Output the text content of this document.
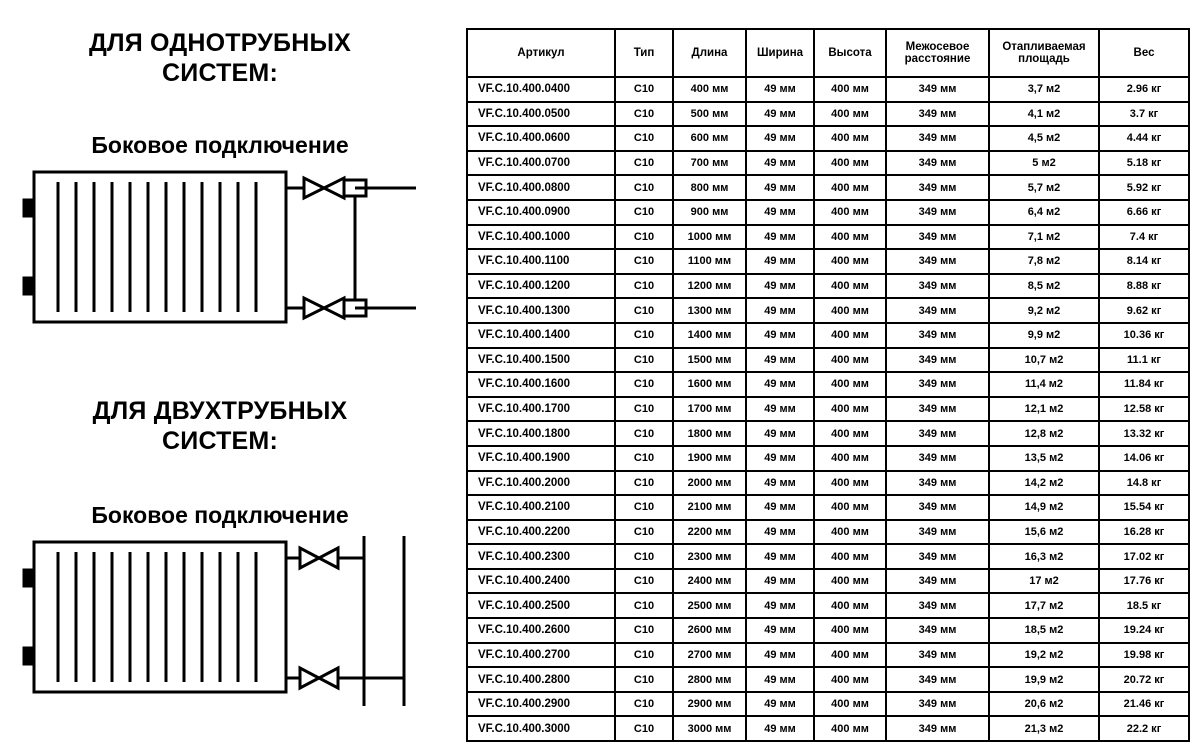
ДЛЯ ОДНОТРУБНЫХ
СИСТЕМ:
Боковое подключение
ДЛЯ ДВУХТРУБНЫХ
СИСТЕМ:
Боковое подключение
Артикул	Тип	Длина	Ширина	Высота	Межосевое расстояние	Отапливаемая площадь	Вес
VF.C.10.400.0400	C10	400 мм	49 мм	400 мм	349 мм	3,7 м2	2.96 кг
VF.C.10.400.0500	C10	500 мм	49 мм	400 мм	349 мм	4,1 м2	3.7 кг
VF.C.10.400.0600	C10	600 мм	49 мм	400 мм	349 мм	4,5 м2	4.44 кг
VF.C.10.400.0700	C10	700 мм	49 мм	400 мм	349 мм	5 м2	5.18 кг
VF.C.10.400.0800	C10	800 мм	49 мм	400 мм	349 мм	5,7 м2	5.92 кг
VF.C.10.400.0900	C10	900 мм	49 мм	400 мм	349 мм	6,4 м2	6.66 кг
VF.C.10.400.1000	C10	1000 мм	49 мм	400 мм	349 мм	7,1 м2	7.4 кг
VF.C.10.400.1100	C10	1100 мм	49 мм	400 мм	349 мм	7,8 м2	8.14 кг
VF.C.10.400.1200	C10	1200 мм	49 мм	400 мм	349 мм	8,5 м2	8.88 кг
VF.C.10.400.1300	C10	1300 мм	49 мм	400 мм	349 мм	9,2 м2	9.62 кг
VF.C.10.400.1400	C10	1400 мм	49 мм	400 мм	349 мм	9,9 м2	10.36 кг
VF.C.10.400.1500	C10	1500 мм	49 мм	400 мм	349 мм	10,7 м2	11.1 кг
VF.C.10.400.1600	C10	1600 мм	49 мм	400 мм	349 мм	11,4 м2	11.84 кг
VF.C.10.400.1700	C10	1700 мм	49 мм	400 мм	349 мм	12,1 м2	12.58 кг
VF.C.10.400.1800	C10	1800 мм	49 мм	400 мм	349 мм	12,8 м2	13.32 кг
VF.C.10.400.1900	C10	1900 мм	49 мм	400 мм	349 мм	13,5 м2	14.06 кг
VF.C.10.400.2000	C10	2000 мм	49 мм	400 мм	349 мм	14,2 м2	14.8 кг
VF.C.10.400.2100	C10	2100 мм	49 мм	400 мм	349 мм	14,9 м2	15.54 кг
VF.C.10.400.2200	C10	2200 мм	49 мм	400 мм	349 мм	15,6 м2	16.28 кг
VF.C.10.400.2300	C10	2300 мм	49 мм	400 мм	349 мм	16,3 м2	17.02 кг
VF.C.10.400.2400	C10	2400 мм	49 мм	400 мм	349 мм	17 м2	17.76 кг
VF.C.10.400.2500	C10	2500 мм	49 мм	400 мм	349 мм	17,7 м2	18.5 кг
VF.C.10.400.2600	C10	2600 мм	49 мм	400 мм	349 мм	18,5 м2	19.24 кг
VF.C.10.400.2700	C10	2700 мм	49 мм	400 мм	349 мм	19,2 м2	19.98 кг
VF.C.10.400.2800	C10	2800 мм	49 мм	400 мм	349 мм	19,9 м2	20.72 кг
VF.C.10.400.2900	C10	2900 мм	49 мм	400 мм	349 мм	20,6 м2	21.46 кг
VF.C.10.400.3000	C10	3000 мм	49 мм	400 мм	349 мм	21,3 м2	22.2 кг
